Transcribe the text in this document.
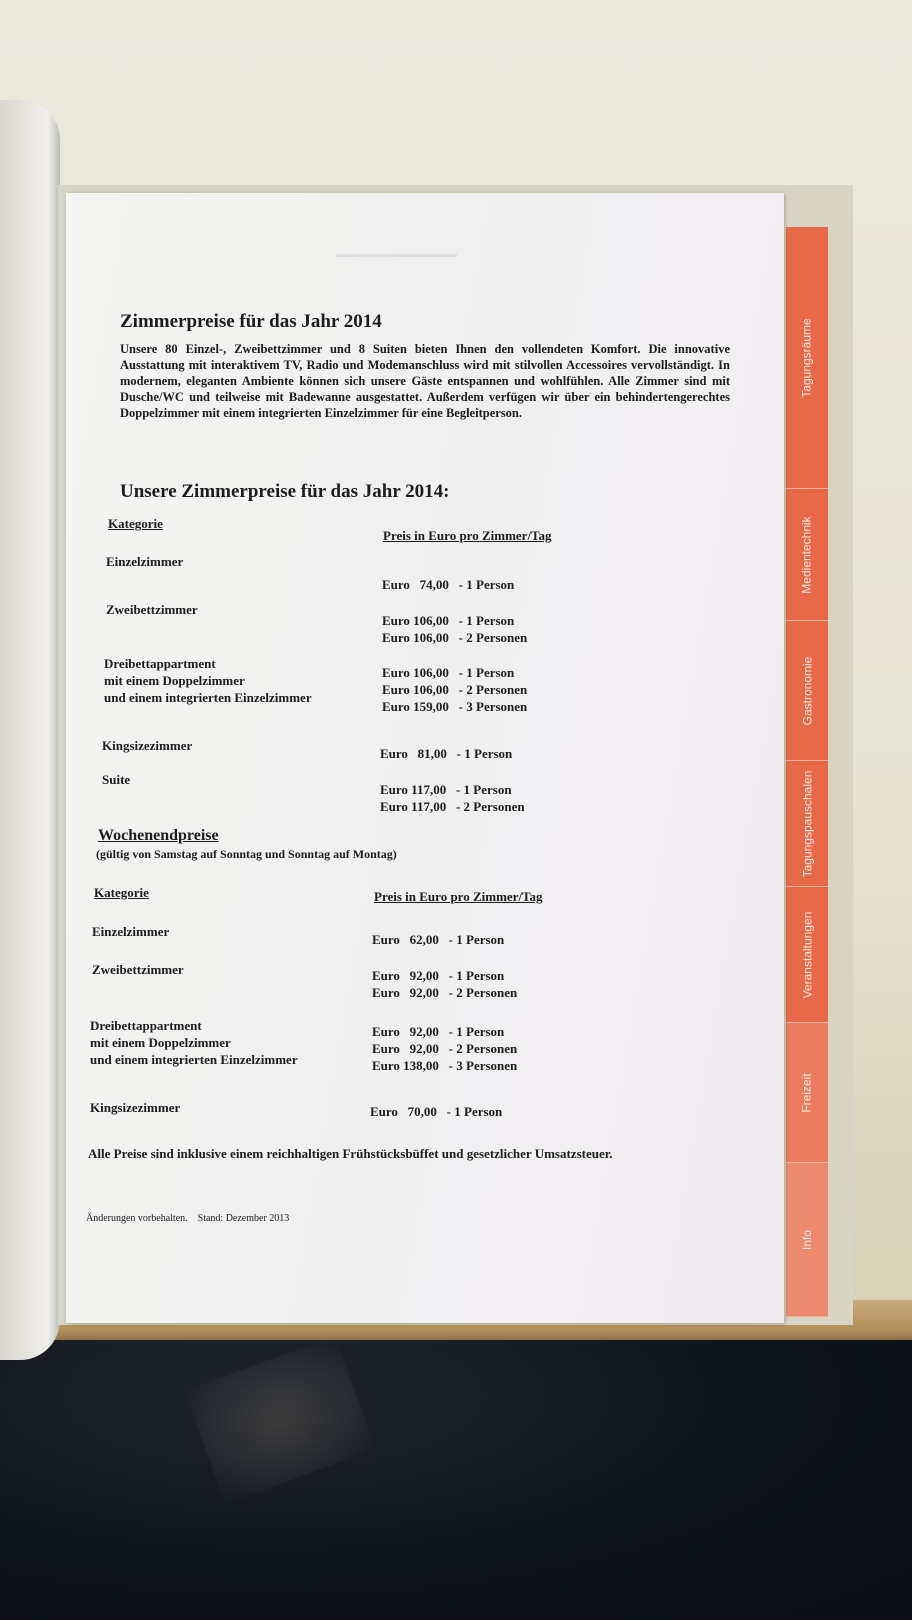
Tagungsräume
Medientechnik
Gastronomie
Tagungspauschalen
Veranstaltungen
Freizeit
Info
▬▬▬▬▬▬▬▬▬▬▬
Zimmerpreise für das Jahr 2014
Unsere 80 Einzel-, Zweibettzimmer und 8 Suiten bieten Ihnen den vollendeten Komfort. Die innovative Ausstattung mit interaktivem TV, Radio und Modemanschluss wird mit stilvollen Accessoires vervollständigt. In modernem, eleganten Ambiente können sich unsere Gäste entspannen und wohlfühlen. Alle Zimmer sind mit Dusche/WC und teilweise mit Badewanne ausgestattet. Außerdem verfügen wir über ein behindertengerechtes Doppelzimmer mit einem integrierten Einzelzimmer für eine Begleitperson.
Unsere Zimmerpreise für das Jahr 2014:
Kategorie
Preis in Euro pro Zimmer/Tag
Einzelzimmer
Euro   74,00   - 1 Person
Zweibettzimmer
Euro 106,00   - 1 Person
Euro 106,00   - 2 Personen
Dreibettappartment
mit einem Doppelzimmer
und einem integrierten Einzelzimmer
Euro 106,00   - 1 Person
Euro 106,00   - 2 Personen
Euro 159,00   - 3 Personen
Kingsizezimmer
Euro   81,00   - 1 Person
Suite
Euro 117,00   - 1 Person
Euro 117,00   - 2 Personen
Wochenendpreise
(gültig von Samstag auf Sonntag und Sonntag auf Montag)
Kategorie	Preis in Euro pro Zimmer/Tag
Einzelzimmer
Euro   62,00   - 1 Person
Zweibettzimmer	Euro   92,00   - 1 Person
Euro   92,00   - 2 Personen
Dreibettappartment
mit einem Doppelzimmer
und einem integrierten Einzelzimmer
Euro   92,00   - 1 Person
Euro   92,00   - 2 Personen
Euro 138,00   - 3 Personen
Kingsizezimmer	Euro   70,00   - 1 Person
Alle Preise sind inklusive einem reichhaltigen Frühstücksbüffet und gesetzlicher Umsatzsteuer.
Änderungen vorbehalten. Stand: Dezember 2013
